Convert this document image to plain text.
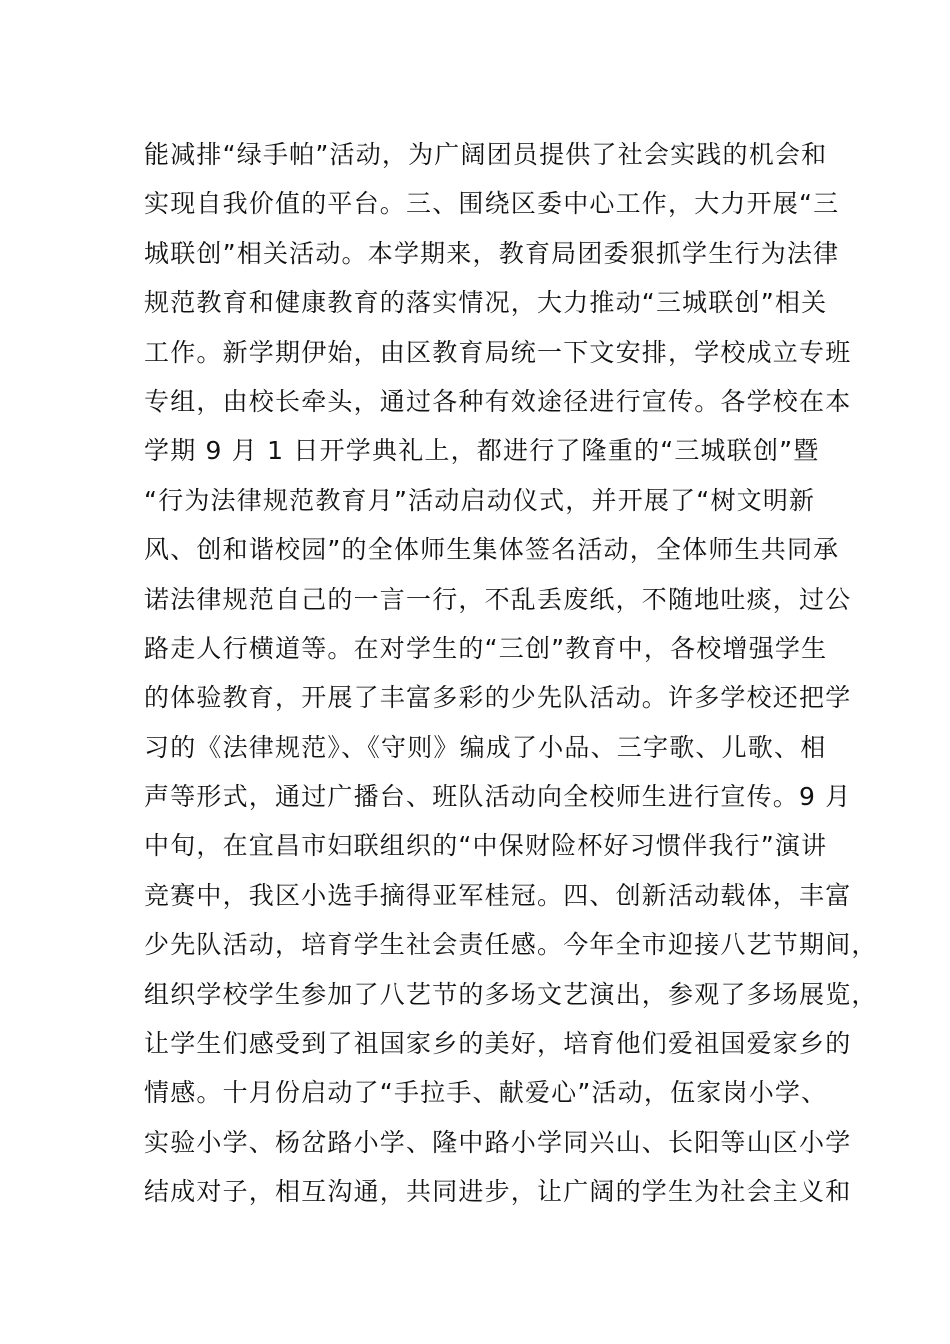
能减排“绿手帕”活动，为广阔团员提供了社会实践的机会和
实现自我价值的平台。三、围绕区委中心工作，大力开展“三
城联创”相关活动。本学期来，教育局团委狠抓学生行为法律
规范教育和健康教育的落实情况，大力推动“三城联创”相关
工作。新学期伊始，由区教育局统一下文安排，学校成立专班
专组，由校长牵头，通过各种有效途径进行宣传。各学校在本
学期 9 月 1 日开学典礼上，都进行了隆重的“三城联创”暨
“行为法律规范教育月”活动启动仪式，并开展了“树文明新
风、创和谐校园”的全体师生集体签名活动，全体师生共同承
诺法律规范自己的一言一行，不乱丢废纸，不随地吐痰，过公
路走人行横道等。在对学生的“三创”教育中，各校增强学生
的体验教育，开展了丰富多彩的少先队活动。许多学校还把学
习的《法律规范》、《守则》编成了小品、三字歌、儿歌、相
声等形式，通过广播台、班队活动向全校师生进行宣传。9 月
中旬，在宜昌市妇联组织的“中保财险杯好习惯伴我行”演讲
竞赛中，我区小选手摘得亚军桂冠。四、创新活动载体，丰富
少先队活动，培育学生社会责任感。今年全市迎接八艺节期间，
组织学校学生参加了八艺节的多场文艺演出，参观了多场展览，
让学生们感受到了祖国家乡的美好，培育他们爱祖国爱家乡的
情感。十月份启动了“手拉手、献爱心”活动，伍家岗小学、
实验小学、杨岔路小学、隆中路小学同兴山、长阳等山区小学
结成对子，相互沟通，共同进步，让广阔的学生为社会主义和
